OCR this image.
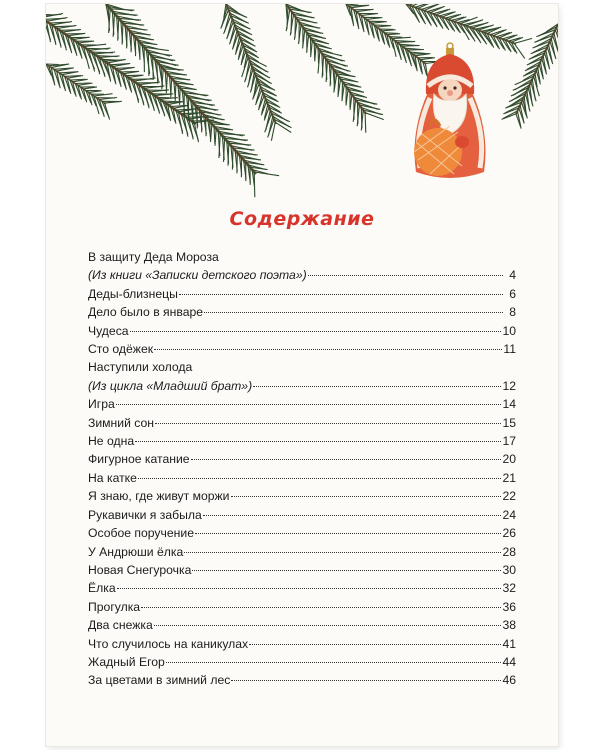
Содержание
В защиту Деда Мороза
(Из книги «Записки детского поэта»)	4
Деды-близнецы	6
Дело было в январе	8
Чудеса	10
Сто одёжек	11
Наступили холода
(Из цикла «Младший брат»)	12
Игра	14
Зимний сон	15
Не одна	17
Фигурное катание	20
На катке	21
Я знаю, где живут моржи	22
Рукавички я забыла	24
Особое поручение	26
У Андрюши ёлка	28
Новая Снегурочка	30
Ёлка	32
Прогулка	36
Два снежка	38
Что случилось на каникулах	41
Жадный Егор	44
За цветами в зимний лес	46
